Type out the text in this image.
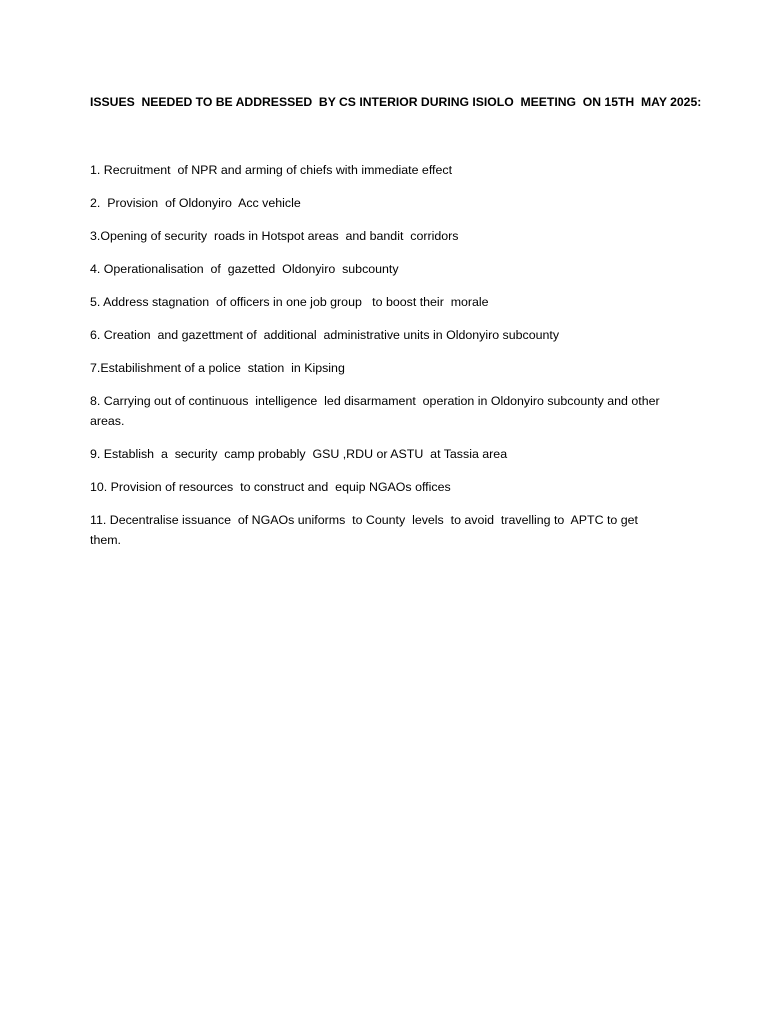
ISSUES  NEEDED TO BE ADDRESSED  BY CS INTERIOR DURING ISIOLO  MEETING  ON 15TH  MAY 2025:

1. Recruitment  of NPR and arming of chiefs with immediate effect
2.  Provision  of Oldonyiro  Acc vehicle
3.Opening of security  roads in Hotspot areas  and bandit  corridors
4. Operationalisation  of  gazetted  Oldonyiro  subcounty
5. Address stagnation  of officers in one job group   to boost their  morale
6. Creation  and gazettment of  additional  administrative units in Oldonyiro subcounty
7.Estabilishment of a police  station  in Kipsing
8. Carrying out of continuous  intelligence  led disarmament  operation in Oldonyiro subcounty and other areas.
9. Establish  a  security  camp probably  GSU ,RDU or ASTU  at Tassia area
10. Provision of resources  to construct and  equip NGAOs offices
11. Decentralise issuance  of NGAOs uniforms  to County  levels  to avoid  travelling to  APTC to get them.
